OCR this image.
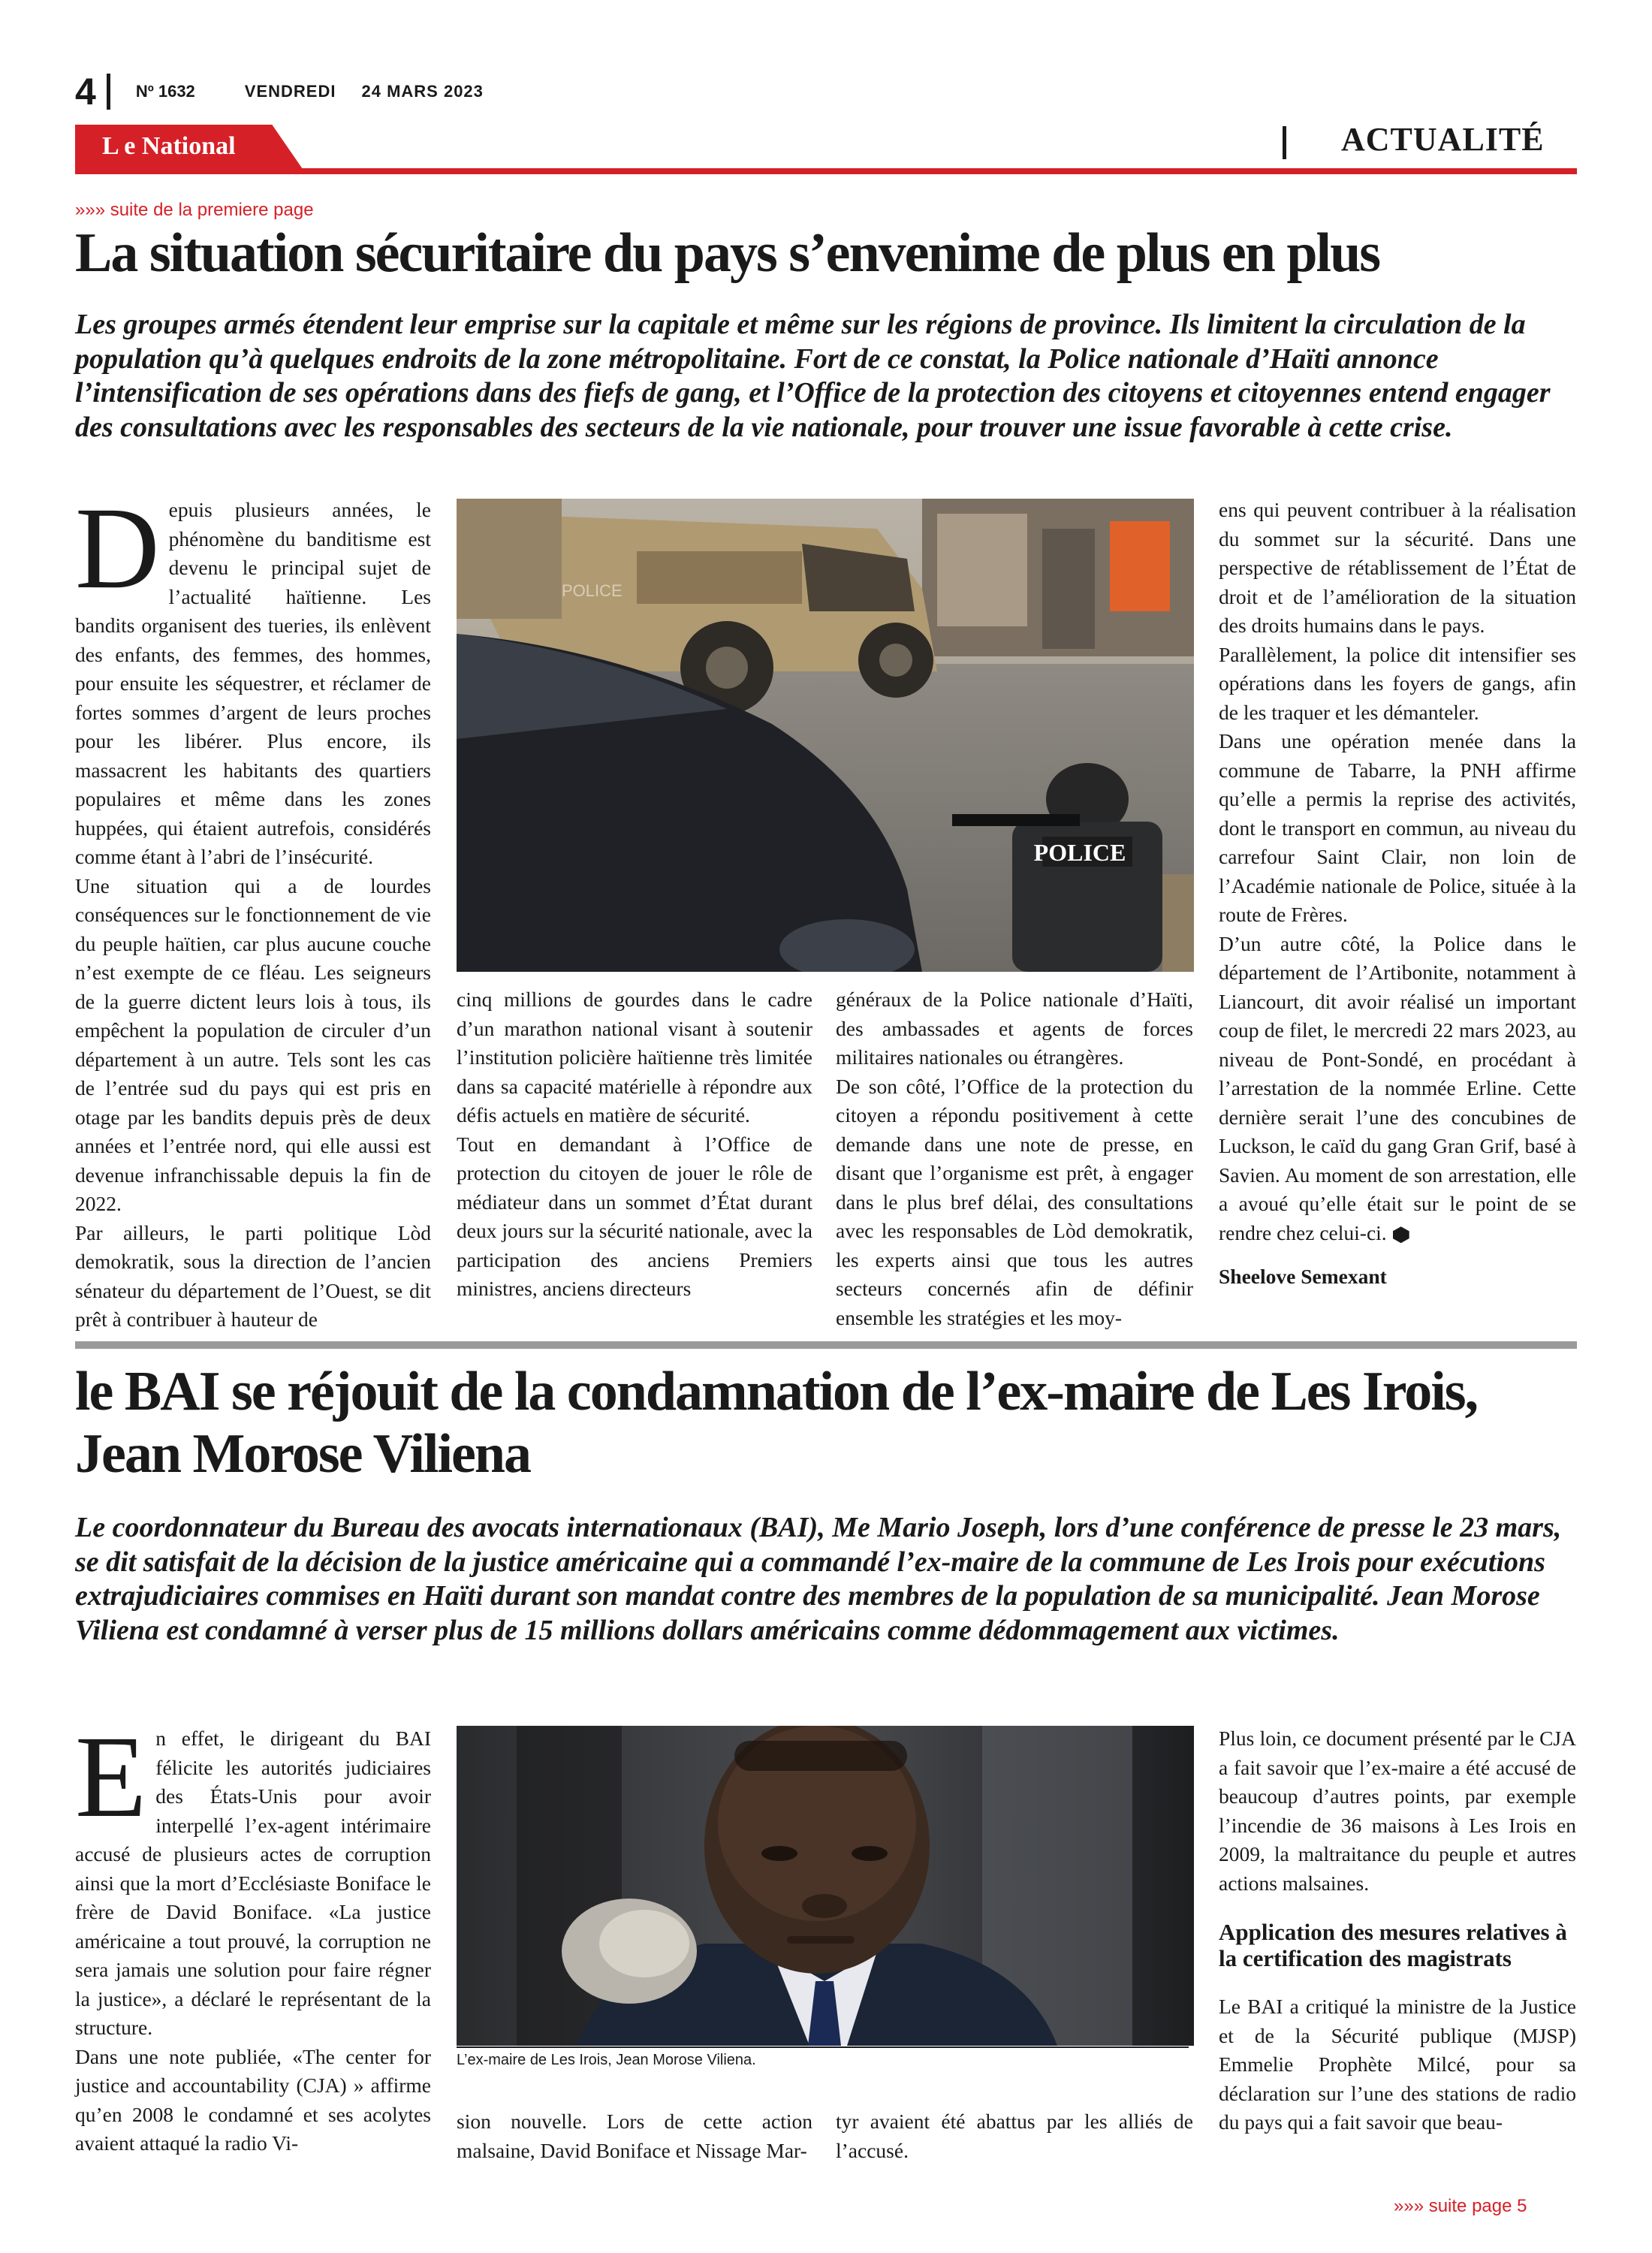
4 Nº 1632	VENDREDI 24 MARS 2023
L e National	ACTUALITÉ
»»» suite de la premiere page
La situation sécuritaire du pays s’envenime de plus en plus
Les groupes armés étendent leur emprise sur la capitale et même sur les régions de province. Ils limitent la circulation de la population qu’à quelques endroits de la zone métropolitaine. Fort de ce constat, la Police nationale d’Haïti annonce l’intensification de ses opérations dans des fiefs de gang, et l’Office de la protection des citoyens et citoyennes entend engager des consultations avec les responsables des secteurs de la vie nationale, pour trouver une issue favorable à cette crise.

Depuis plusieurs années, le phénomène du banditisme est devenu le principal sujet de l’actualité haïtienne. Les bandits organisent des tueries, ils enlèvent des enfants, des femmes, des hommes, pour ensuite les séquestrer, et réclamer de fortes sommes d’argent de leurs proches pour les libérer. Plus encore, ils massacrent les habitants des quartiers populaires et même dans les zones huppées, qui étaient autrefois, considérés comme étant à l’abri de l’insécurité.

Une situation qui a de lourdes conséquences sur le fonctionnement de vie du peuple haïtien, car plus aucune couche n’est exempte de ce fléau. Les seigneurs de la guerre dictent leurs lois à tous, ils empêchent la population de circuler d’un département à un autre. Tels sont les cas de l’entrée sud du pays qui est pris en otage par les bandits depuis près de deux années et l’entrée nord, qui elle aussi est devenue infranchissable depuis la fin de 2022.

Par ailleurs, le parti politique Lòd demokratik, sous la direction de l’ancien sénateur du département de l’Ouest, se dit prêt à contribuer à hauteur de

POLICE
POLICE

cinq millions de gourdes dans le cadre d’un marathon national visant à soutenir l’institution policière haïtienne très limitée dans sa capacité matérielle à répondre aux défis actuels en matière de sécurité.

Tout en demandant à l’Office de protection du citoyen de jouer le rôle de médiateur dans un sommet d’État durant deux jours sur la sécurité nationale, avec la participation des anciens Premiers ministres, anciens directeurs

généraux de la Police nationale d’Haïti, des ambassades et agents de forces militaires nationales ou étrangères.

De son côté, l’Office de la protection du citoyen a répondu positivement à cette demande dans une note de presse, en disant que l’organisme est prêt, à engager dans le plus bref délai, des consultations avec les responsables de Lòd demokratik, les experts ainsi que tous les autres secteurs concernés afin de définir ensemble les stratégies et les moy-

ens qui peuvent contribuer à la réalisation du sommet sur la sécurité. Dans une perspective de rétablissement de l’État de droit et de l’amélioration de la situation des droits humains dans le pays.

Parallèlement, la police dit intensifier ses opérations dans les foyers de gangs, afin de les traquer et les démanteler.

Dans une opération menée dans la commune de Tabarre, la PNH affirme qu’elle a permis la reprise des activités, dont le transport en commun, au niveau du carrefour Saint Clair, non loin de l’Académie nationale de Police, située à la route de Frères.

D’un autre côté, la Police dans le département de l’Artibonite, notamment à Liancourt, dit avoir réalisé un important coup de filet, le mercredi 22 mars 2023, au niveau de Pont-Sondé, en procédant à l’arrestation de la nommée Erline. Cette dernière serait l’une des concubines de Luckson, le caïd du gang Gran Grif, basé à Savien. Au moment de son arrestation, elle a avoué qu’elle était sur le point de se rendre chez celui-ci.

Sheelove Semexant

le BAI se réjouit de la condamnation de l’ex-maire de Les Irois, Jean Morose Viliena
Le coordonnateur du Bureau des avocats internationaux (BAI), Me Mario Joseph, lors d’une conférence de presse le 23 mars, se dit satisfait de la décision de la justice américaine qui a commandé l’ex-maire de la commune de Les Irois pour exécutions extrajudiciaires commises en Haïti durant son mandat contre des membres de la population de sa municipalité. Jean Morose Viliena est condamné à verser plus de 15 millions dollars américains comme dédommagement aux victimes.

En effet, le dirigeant du BAI félicite les autorités judiciaires des États-Unis pour avoir interpellé l’ex-agent intérimaire accusé de plusieurs actes de corruption ainsi que la mort d’Ecclésiaste Boniface le frère de David Boniface. «La justice américaine a tout prouvé, la corruption ne sera jamais une solution pour faire régner la justice», a déclaré le représentant de la structure.

Dans une note publiée, «The center for justice and accountability (CJA) » affirme qu’en 2008 le condamné et ses acolytes avaient attaqué la radio Vi-

L’ex-maire de Les Irois, Jean Morose Viliena.

sion nouvelle. Lors de cette action malsaine, David Boniface et Nissage Mar-

tyr avaient été abattus par les alliés de l’accusé.

Plus loin, ce document présenté par le CJA a fait savoir que l’ex-maire a été accusé de beaucoup d’autres points, par exemple l’incendie de 36 maisons à Les Irois en 2009, la maltraitance du peuple et autres actions malsaines.

Application des mesures relatives à la certification des magistrats

Le BAI a critiqué la ministre de la Justice et de la Sécurité publique (MJSP) Emmelie Prophète Milcé, pour sa déclaration sur l’une des stations de radio du pays qui a fait savoir que beau-

»»» suite page 5
